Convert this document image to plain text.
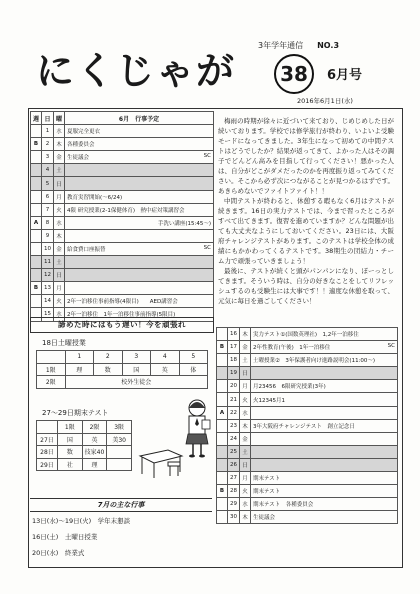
3年学年通信 NO.3
にくじゃが	38	6月号
2016年6月1日(水)
週	日	曜	6月　行事予定
	1	水	夏服完全更衣

B	2	木	各種委員会

	3	金	生徒議会 SC

	4	土	

	5	日	

	6	月	教育実習開始(～6/24)

	7	火	4限 研究授業(2-1保健体育)　熱中症対策講習会

A	8	水	手洗い講座(15:45～)

	9	木	

	10	金	給食費口座振替 SC

	11	土	

	12	日	

B	13	月	

	14	火	2年一泊移住事前指導(4限目)　　AED講習会

	15	水	2年一泊移住　1年一泊移住事前指導(5限目)
梅雨の時期が徐々に近づいて来ており、じめじめした日が続いております。学校では修学旅行が終わり、いよいよ受験モードになってきました。3年生になって初めての中間テストはどうでしたか？結果が返ってきて、よかった人はその調子でどんどん高みを目指して行ってください！悪かった人は、自分がどこがダメだったのかを再度振り返ってみてください。そこから必ず次につながることが見つかるはずです。あきらめないでファイトファイト！！
中間テストが終わると、休憩する暇もなく6月はテストが続きます。16日の実力テストでは、今まで習ったところがすべて出てきます。復習を進めていますか？どんな問題が出ても大丈夫なようにしておいてください。23日には、大阪府チャレンジテストがあります。このテストは学校全体の成績にもかかわってくるテストです。38期生の団結力・チーム力で頑張っていきましょう！
最後に、テストが続くと頭がパンパンになり、ぼーっとしてきます。そういう時は、自分の好きなことをしてリフレッシュするのも受験生には大事です！！適度な休憩を取って、元気に毎日を過ごしてください！
諦めた時にはもう遅い！今を頑張れ
18日土曜授業
	1	2	3	4	5
1限	理	数	国	英	体
2限	校外生徒会				
27～29日期末テスト
	1限	2限	3限
27日	国	英	美30
28日	数	技家40	
29日	社	理	
7月の主な行事
13日(水)～19日(火)　学年末懇談
16日(土)　土曜日授業
20日(水)　終業式
	16	木	実力テスト①(国数英理社)　1,2年一泊移住

B	17	金	2年性教育(午後)　1年一泊移住 SC

	18	土	土曜授業②　3年保護者向け進路説明会(11:00～)

	19	日	

	20	月	月23456　6限研究授業(3年)

	21	火	火12345月1

A	22	水	

	23	木	3年大阪府チャレンジテスト　創立記念日

	24	金	

	25	土	

	26	日	

	27	月	期末テスト

B	28	火	期末テスト

	29	水	期末テスト　各種委員会

	30	木	生徒議会
